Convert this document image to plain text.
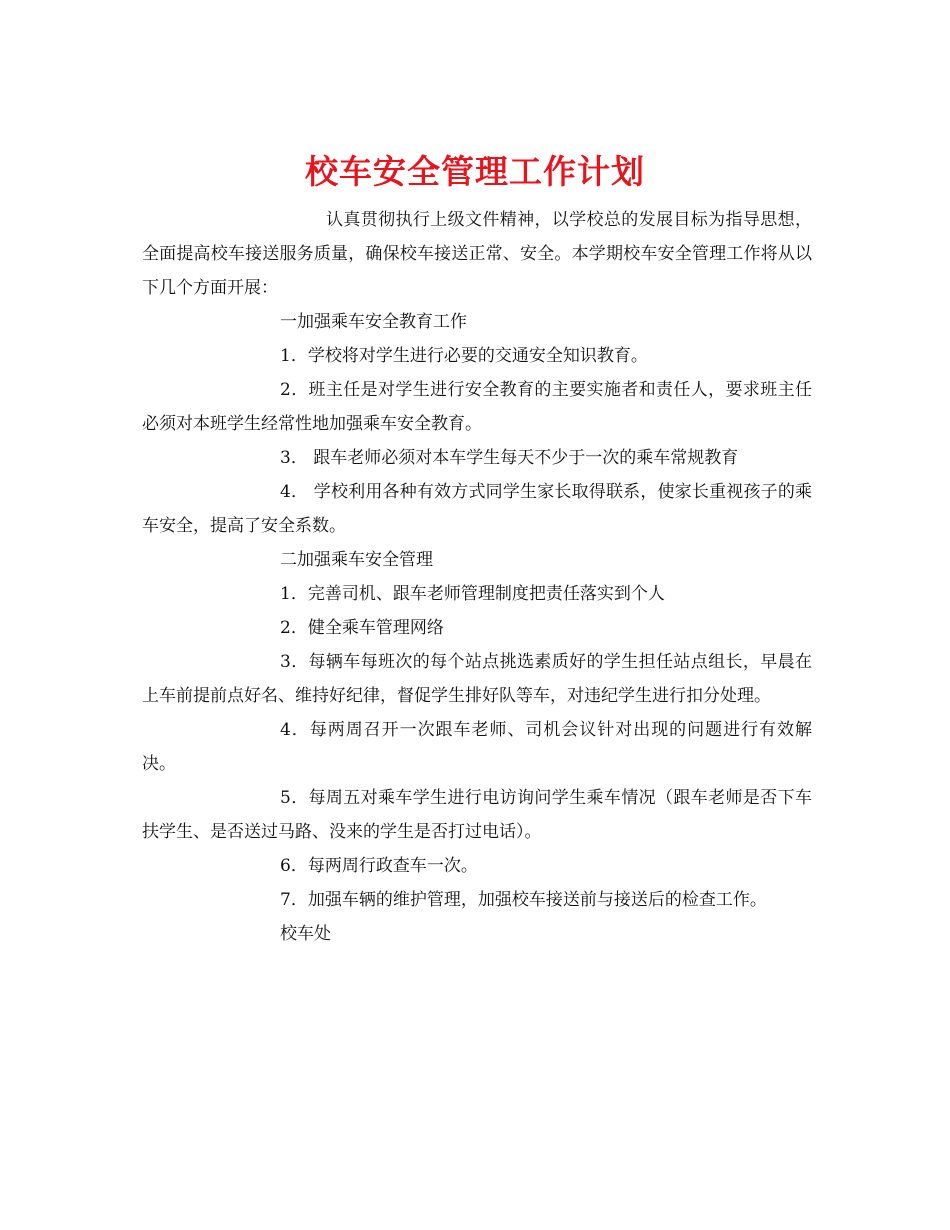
校车安全管理工作计划

认真贯彻执行上级文件精神，以学校总的发展目标为指导思想，全面提高校车接送服务质量，确保校车接送正常、安全。本学期校车安全管理工作将从以下几个方面开展：

一加强乘车安全教育工作

1．学校将对学生进行必要的交通安全知识教育。

2．班主任是对学生进行安全教育的主要实施者和责任人，要求班主任必须对本班学生经常性地加强乘车安全教育。

3． 跟车老师必须对本车学生每天不少于一次的乘车常规教育

4． 学校利用各种有效方式同学生家长取得联系，使家长重视孩子的乘车安全，提高了安全系数。

二加强乘车安全管理

1．完善司机、跟车老师管理制度把责任落实到个人

2．健全乘车管理网络

3．每辆车每班次的每个站点挑选素质好的学生担任站点组长，早晨在上车前提前点好名、维持好纪律，督促学生排好队等车，对违纪学生进行扣分处理。

4．每两周召开一次跟车老师、司机会议针对出现的问题进行有效解决。

5．每周五对乘车学生进行电访询问学生乘车情况（跟车老师是否下车扶学生、是否送过马路、没来的学生是否打过电话）。

6．每两周行政查车一次。

7．加强车辆的维护管理，加强校车接送前与接送后的检查工作。

校车处
